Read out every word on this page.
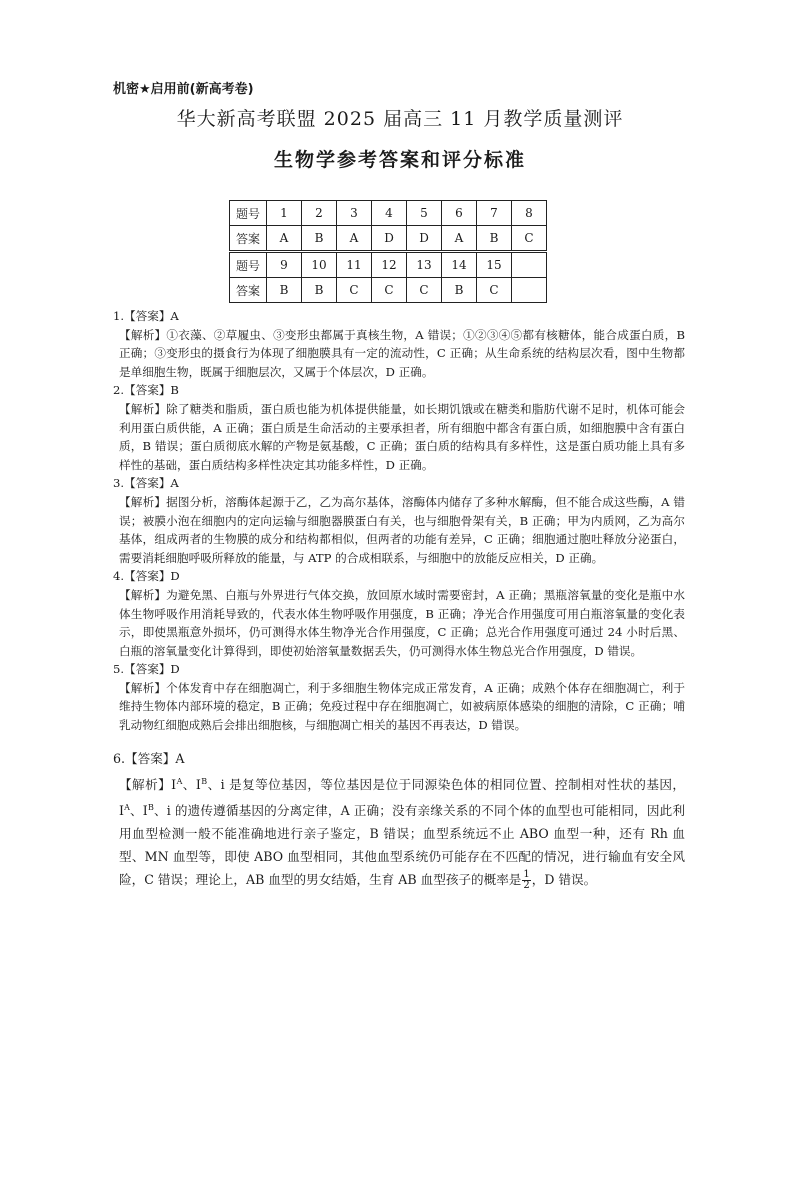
机密★启用前(新高考卷)
华大新高考联盟 2025 届高三 11 月教学质量测评
生物学参考答案和评分标准
题号	1	2	3	4	5	6	7	8
答案	A	B	A	D	D	A	B	C
题号	9	10	11	12	13	14	15	
答案	B	B	C	C	C	B	C	

1.【答案】A

【解析】①衣藻、②草履虫、③变形虫都属于真核生物，A 错误；①②③④⑤都有核糖体，能合成蛋白质，B 正确；③变形虫的摄食行为体现了细胞膜具有一定的流动性，C 正确；从生命系统的结构层次看，图中生物都是单细胞生物，既属于细胞层次，又属于个体层次，D 正确。

2.【答案】B

【解析】除了糖类和脂质，蛋白质也能为机体提供能量，如长期饥饿或在糖类和脂肪代谢不足时，机体可能会利用蛋白质供能，A 正确；蛋白质是生命活动的主要承担者，所有细胞中都含有蛋白质，如细胞膜中含有蛋白质，B 错误；蛋白质彻底水解的产物是氨基酸，C 正确；蛋白质的结构具有多样性，这是蛋白质功能上具有多样性的基础，蛋白质结构多样性决定其功能多样性，D 正确。

3.【答案】A

【解析】据图分析，溶酶体起源于乙，乙为高尔基体，溶酶体内储存了多种水解酶，但不能合成这些酶，A 错误；被膜小泡在细胞内的定向运输与细胞器膜蛋白有关，也与细胞骨架有关，B 正确；甲为内质网，乙为高尔基体，组成两者的生物膜的成分和结构都相似，但两者的功能有差异，C 正确；细胞通过胞吐释放分泌蛋白，需要消耗细胞呼吸所释放的能量，与 ATP 的合成相联系，与细胞中的放能反应相关，D 正确。

4.【答案】D

【解析】为避免黑、白瓶与外界进行气体交换，放回原水域时需要密封，A 正确；黑瓶溶氧量的变化是瓶中水体生物呼吸作用消耗导致的，代表水体生物呼吸作用强度，B 正确；净光合作用强度可用白瓶溶氧量的变化表示，即使黑瓶意外损坏，仍可测得水体生物净光合作用强度，C 正确；总光合作用强度可通过 24 小时后黑、白瓶的溶氧量变化计算得到，即使初始溶氧量数据丢失，仍可测得水体生物总光合作用强度，D 错误。

5.【答案】D

【解析】个体发育中存在细胞凋亡，利于多细胞生物体完成正常发育，A 正确；成熟个体存在细胞凋亡，利于维持生物体内部环境的稳定，B 正确；免疫过程中存在细胞凋亡，如被病原体感染的细胞的清除，C 正确；哺乳动物红细胞成熟后会排出细胞核，与细胞凋亡相关的基因不再表达，D 错误。

6.【答案】A

【解析】Ⅰ$^A$、Ⅰ$^B$、i 是复等位基因，等位基因是位于同源染色体的相同位置、控制相对性状的基因，Ⅰ$^A$、Ⅰ$^B$、i 的遗传遵循基因的分离定律，A 正确；没有亲缘关系的不同个体的血型也可能相同，因此利用血型检测一般不能准确地进行亲子鉴定，B 错误；血型系统远不止 ABO 血型一种，还有 Rh 血型、MN 血型等，即使 ABO 血型相同，其他血型系统仍可能存在不匹配的情况，进行输血有安全风险，C 错误；理论上，AB 血型的男女结婚，生育 AB 血型孩子的概率是 $\frac{1}{2}$ ，D 错误。
